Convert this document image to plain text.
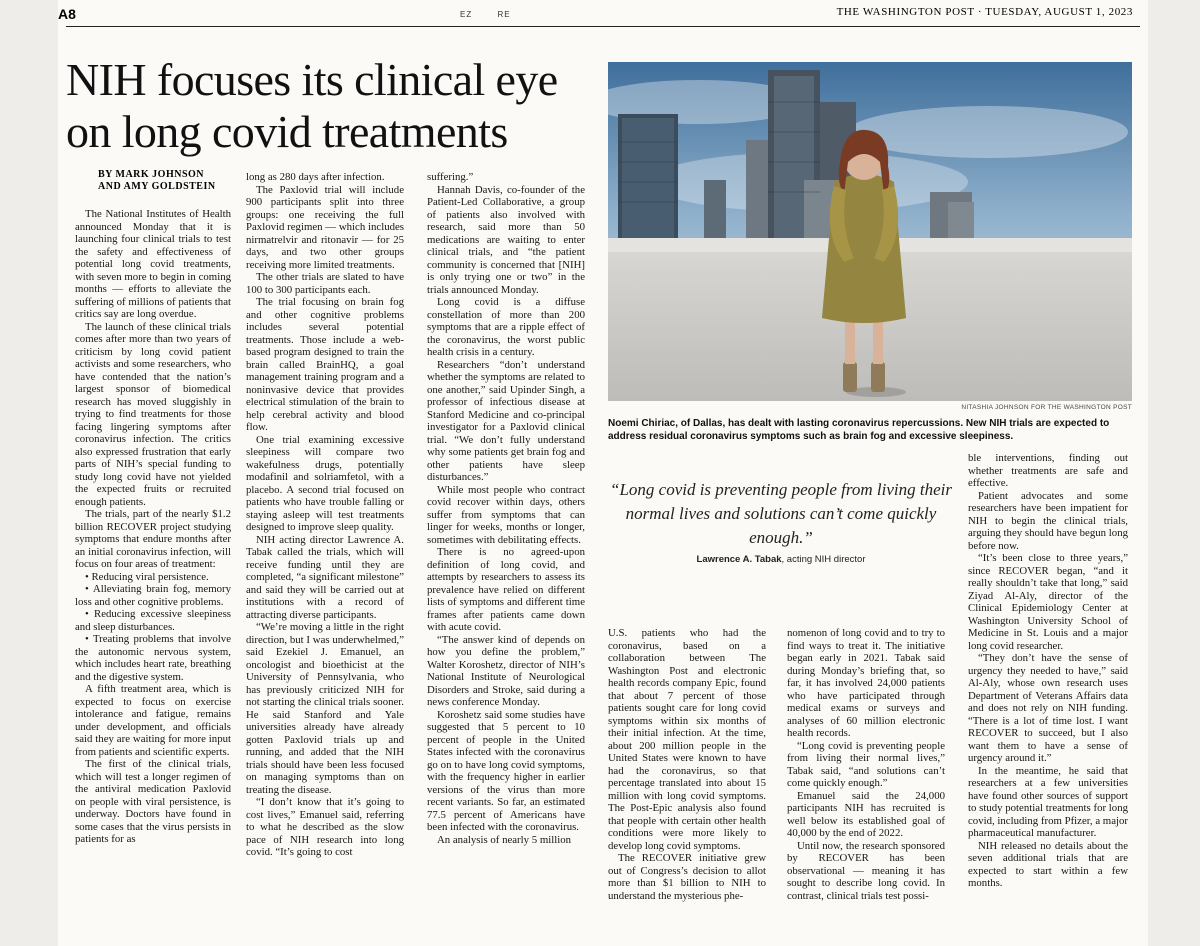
A8	EZ	RE	THE WASHINGTON POST · TUESDAY, AUGUST 1, 2023
NIH focuses its clinical eye on long covid treatments
BY MARK JOHNSON
AND AMY GOLDSTEIN

The National Institutes of Health announced Monday that it is launching four clinical trials to test the safety and effectiveness of potential long covid treatments, with seven more to begin in coming months — efforts to alleviate the suffering of millions of patients that critics say are long overdue.

The launch of these clinical trials comes after more than two years of criticism by long covid patient activists and some researchers, who have contended that the nation’s largest sponsor of biomedical research has moved sluggishly in trying to find treatments for those facing lingering symptoms after coronavirus infection. The critics also expressed frustration that early parts of NIH’s special funding to study long covid have not yielded the expected fruits or recruited enough patients.

The trials, part of the nearly $1.2 billion RECOVER project studying symptoms that endure months after an initial coronavirus infection, will focus on four areas of treatment:

• Reducing viral persistence.

• Alleviating brain fog, memory loss and other cognitive problems.

• Reducing excessive sleepiness and sleep disturbances.

• Treating problems that involve the autonomic nervous system, which includes heart rate, breathing and the digestive system.

A fifth treatment area, which is expected to focus on exercise intolerance and fatigue, remains under development, and officials said they are waiting for more input from patients and scientific experts.

The first of the clinical trials, which will test a longer regimen of the antiviral medication Paxlovid on people with viral persistence, is underway. Doctors have found in some cases that the virus persists in patients for as

long as 280 days after infection.

The Paxlovid trial will include 900 participants split into three groups: one receiving the full Paxlovid regimen — which includes nirmatrelvir and ritonavir — for 25 days, and two other groups receiving more limited treatments.

The other trials are slated to have 100 to 300 participants each.

The trial focusing on brain fog and other cognitive problems includes several potential treatments. Those include a web-based program designed to train the brain called BrainHQ, a goal management training program and a noninvasive device that provides electrical stimulation of the brain to help cerebral activity and blood flow.

One trial examining excessive sleepiness will compare two wakefulness drugs, potentially modafinil and solriamfetol, with a placebo. A second trial focused on patients who have trouble falling or staying asleep will test treatments designed to improve sleep quality.

NIH acting director Lawrence A. Tabak called the trials, which will receive funding until they are completed, “a significant milestone” and said they will be carried out at institutions with a record of attracting diverse participants.

“We’re moving a little in the right direction, but I was underwhelmed,” said Ezekiel J. Emanuel, an oncologist and bioethicist at the University of Pennsylvania, who has previously criticized NIH for not starting the clinical trials sooner. He said Stanford and Yale universities already have already gotten Paxlovid trials up and running, and added that the NIH trials should have been less focused on managing symptoms than on treating the disease.

“I don’t know that it’s going to cost lives,” Emanuel said, referring to what he described as the slow pace of NIH research into long covid. “It’s going to cost

suffering.”

Hannah Davis, co-founder of the Patient-Led Collaborative, a group of patients also involved with research, said more than 50 medications are waiting to enter clinical trials, and “the patient community is concerned that [NIH] is only trying one or two” in the trials announced Monday.

Long covid is a diffuse constellation of more than 200 symptoms that are a ripple effect of the coronavirus, the worst public health crisis in a century.

Researchers “don’t understand whether the symptoms are related to one another,” said Upinder Singh, a professor of infectious disease at Stanford Medicine and co-principal investigator for a Paxlovid clinical trial. “We don’t fully understand why some patients get brain fog and other patients have sleep disturbances.”

While most people who contract covid recover within days, others suffer from symptoms that can linger for weeks, months or longer, sometimes with debilitating effects.

There is no agreed-upon definition of long covid, and attempts by researchers to assess its prevalence have relied on different lists of symptoms and different time frames after patients came down with acute covid.

“The answer kind of depends on how you define the problem,” Walter Koroshetz, director of NIH’s National Institute of Neurological Disorders and Stroke, said during a news conference Monday.

Koroshetz said some studies have suggested that 5 percent to 10 percent of people in the United States infected with the coronavirus go on to have long covid symptoms, with the frequency higher in earlier versions of the virus than more recent variants. So far, an estimated 77.5 percent of Americans have been infected with the coronavirus.

An analysis of nearly 5 million

U.S. patients who had the coronavirus, based on a collaboration between The Washington Post and electronic health records company Epic, found that about 7 percent of those patients sought care for long covid symptoms within six months of their initial infection. At the time, about 200 million people in the United States were known to have had the coronavirus, so that percentage translated into about 15 million with long covid symptoms. The Post-Epic analysis also found that people with certain other health conditions were more likely to develop long covid symptoms.

The RECOVER initiative grew out of Congress’s decision to allot more than $1 billion to NIH to understand the mysterious phe-

nomenon of long covid and to try to find ways to treat it. The initiative began early in 2021. Tabak said during Monday’s briefing that, so far, it has involved 24,000 patients who have participated through medical exams or surveys and analyses of 60 million electronic health records.

“Long covid is preventing people from living their normal lives,” Tabak said, “and solutions can’t come quickly enough.”

Emanuel said the 24,000 participants NIH has recruited is well below its established goal of 40,000 by the end of 2022.

Until now, the research sponsored by RECOVER has been observational — meaning it has sought to describe long covid. In contrast, clinical trials test possi-

ble interventions, finding out whether treatments are safe and effective.

Patient advocates and some researchers have been impatient for NIH to begin the clinical trials, arguing they should have begun long before now.

“It’s been close to three years,” since RECOVER began, “and it really shouldn’t take that long,” said Ziyad Al-Aly, director of the Clinical Epidemiology Center at Washington University School of Medicine in St. Louis and a major long covid researcher.

“They don’t have the sense of urgency they needed to have,” said Al-Aly, whose own research uses Department of Veterans Affairs data and does not rely on NIH funding. “There is a lot of time lost. I want RECOVER to succeed, but I also want them to have a sense of urgency around it.”

In the meantime, he said that researchers at a few universities have found other sources of support to study potential treatments for long covid, including from Pfizer, a major pharmaceutical manufacturer.

NIH released no details about the seven additional trials that are expected to start within a few months.

NITASHIA JOHNSON FOR THE WASHINGTON POST
Noemi Chiriac, of Dallas, has dealt with lasting coronavirus repercussions. New NIH trials are expected to address residual coronavirus symptoms such as brain fog and excessive sleepiness.

“Long covid is preventing people from living their normal lives and solutions can’t come quickly enough.”

Lawrence A. Tabak, acting NIH director
